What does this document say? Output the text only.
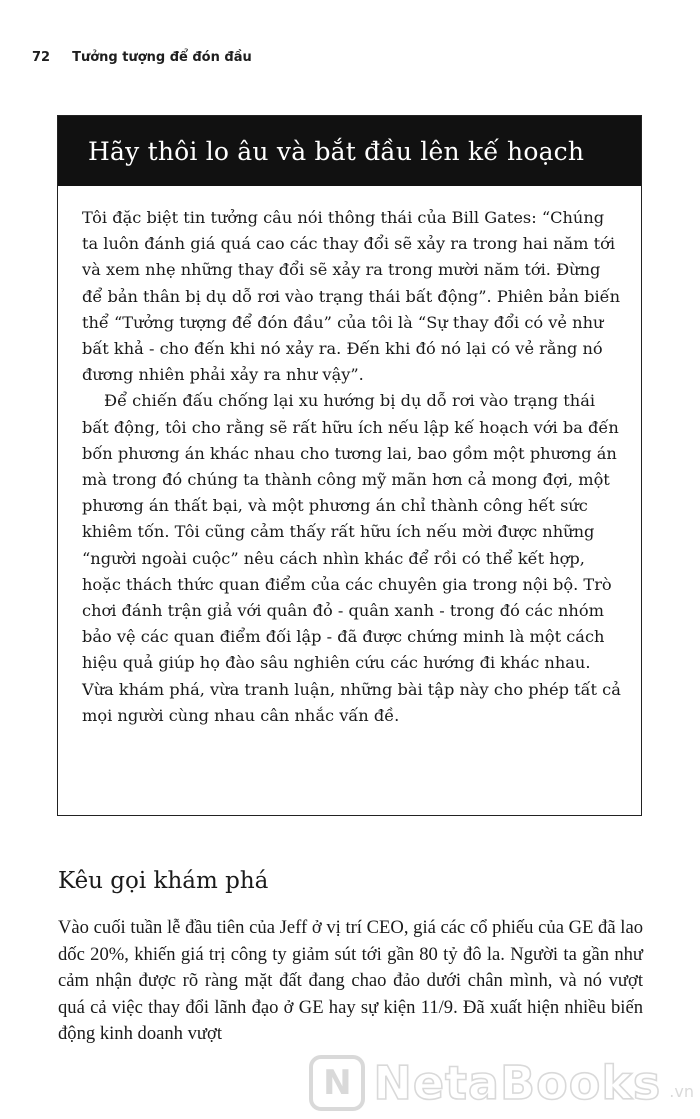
72 Tưởng tượng để đón đầu
Hãy thôi lo âu và bắt đầu lên kế hoạch

Tôi đặc biệt tin tưởng câu nói thông thái của Bill Gates: “Chúng ta luôn đánh giá quá cao các thay đổi sẽ xảy ra trong hai năm tới và xem nhẹ những thay đổi sẽ xảy ra trong mười năm tới. Đừng để bản thân bị dụ dỗ rơi vào trạng thái bất động”. Phiên bản biến thể “Tưởng tượng để đón đầu” của tôi là “Sự thay đổi có vẻ như bất khả - cho đến khi nó xảy ra. Đến khi đó nó lại có vẻ rằng nó đương nhiên phải xảy ra như vậy”.

Để chiến đấu chống lại xu hướng bị dụ dỗ rơi vào trạng thái bất động, tôi cho rằng sẽ rất hữu ích nếu lập kế hoạch với ba đến bốn phương án khác nhau cho tương lai, bao gồm một phương án mà trong đó chúng ta thành công mỹ mãn hơn cả mong đợi, một phương án thất bại, và một phương án chỉ thành công hết sức khiêm tốn. Tôi cũng cảm thấy rất hữu ích nếu mời được những “người ngoài cuộc” nêu cách nhìn khác để rồi có thể kết hợp, hoặc thách thức quan điểm của các chuyên gia trong nội bộ. Trò chơi đánh trận giả với quân đỏ - quân xanh - trong đó các nhóm bảo vệ các quan điểm đối lập - đã được chứng minh là một cách hiệu quả giúp họ đào sâu nghiên cứu các hướng đi khác nhau. Vừa khám phá, vừa tranh luận, những bài tập này cho phép tất cả mọi người cùng nhau cân nhắc vấn đề.

Kêu gọi khám phá

Vào cuối tuần lễ đầu tiên của Jeff ở vị trí CEO, giá các cổ phiếu của GE đã lao dốc 20%, khiến giá trị công ty giảm sút tới gần 80 tỷ đô la. Người ta gần như cảm nhận được rõ ràng mặt đất đang chao đảo dưới chân mình, và nó vượt quá cả việc thay đổi lãnh đạo ở GE hay sự kiện 11/9. Đã xuất hiện nhiều biến động kinh doanh vượt

N NetaBooks .vn
